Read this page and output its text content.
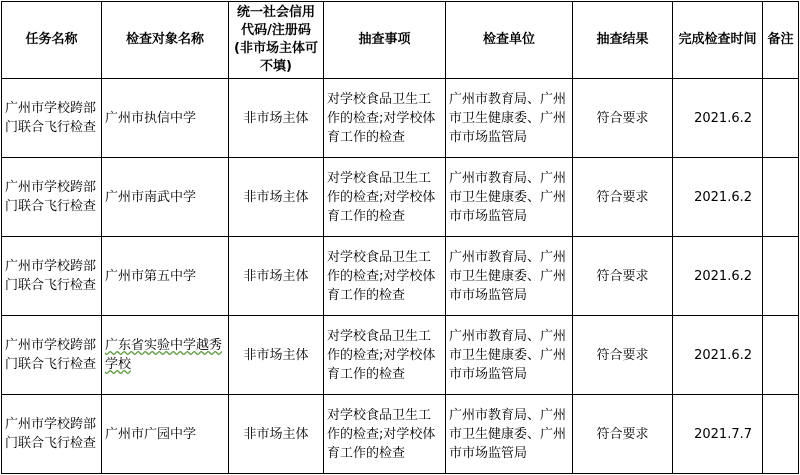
任务名称	检查对象名称	统一社会信用代码/注册码(非市场主体可不填)	抽查事项	检查单位	抽查结果	完成检查时间	备注
广州市学校跨部门联合飞行检查	广州市执信中学	非市场主体	对学校食品卫生工作的检查;对学校体育工作的检查	广州市教育局、广州市卫生健康委、广州市市场监管局	符合要求	2021.6.2	
广州市学校跨部门联合飞行检查	广州市南武中学	非市场主体	对学校食品卫生工作的检查;对学校体育工作的检查	广州市教育局、广州市卫生健康委、广州市市场监管局	符合要求	2021.6.2	
广州市学校跨部门联合飞行检查	广州市第五中学	非市场主体	对学校食品卫生工作的检查;对学校体育工作的检查	广州市教育局、广州市卫生健康委、广州市市场监管局	符合要求	2021.6.2	
广州市学校跨部门联合飞行检查	广东省实验中学越秀学校	非市场主体	对学校食品卫生工作的检查;对学校体育工作的检查	广州市教育局、广州市卫生健康委、广州市市场监管局	符合要求	2021.6.2	
广州市学校跨部门联合飞行检查	广州市广园中学	非市场主体	对学校食品卫生工作的检查;对学校体育工作的检查	广州市教育局、广州市卫生健康委、广州市市场监管局	符合要求	2021.7.7	
